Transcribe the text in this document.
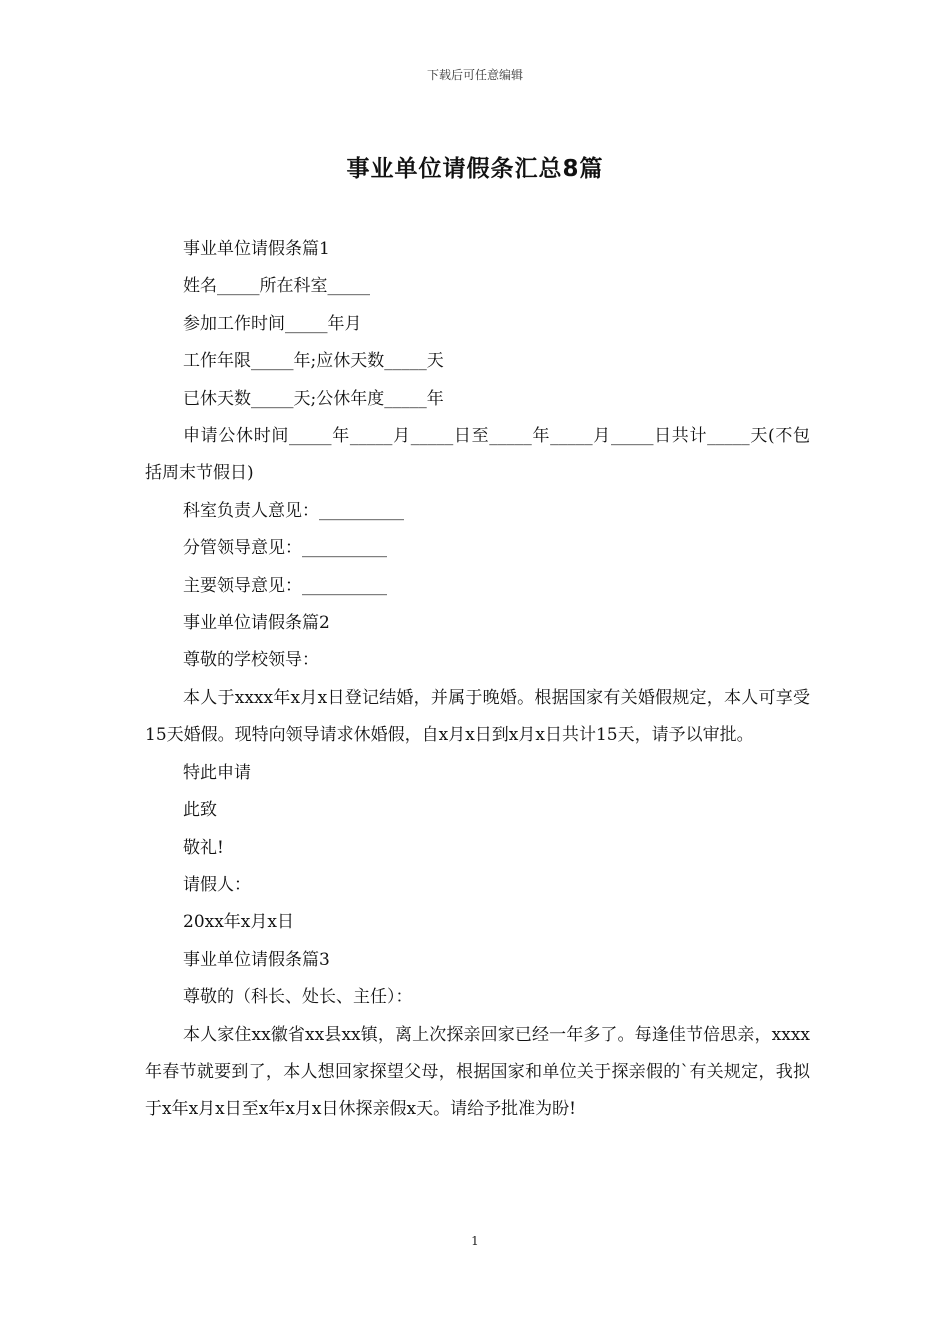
下载后可任意编辑
事业单位请假条汇总8篇

事业单位请假条篇1

姓名_____所在科室_____

参加工作时间_____年月

工作年限_____年;应休天数_____天

已休天数_____天;公休年度_____年

申请公休时间_____年_____月_____日至_____年_____月_____日共计_____天(不包括周末节假日)

科室负责人意见：__________

分管领导意见：__________

主要领导意见：__________

事业单位请假条篇2

尊敬的学校领导：

本人于xxxx年x月x日登记结婚，并属于晚婚。根据国家有关婚假规定，本人可享受15天婚假。现特向领导请求休婚假，自x月x日到x月x日共计15天，请予以审批。

特此申请

此致

敬礼!

请假人：

20xx年x月x日

事业单位请假条篇3

尊敬的（科长、处长、主任）：

本人家住xx徽省xx县xx镇，离上次探亲回家已经一年多了。每逢佳节倍思亲，xxxx年春节就要到了，本人想回家探望父母，根据国家和单位关于探亲假的`有关规定，我拟于x年x月x日至x年x月x日休探亲假x天。请给予批准为盼!

1
